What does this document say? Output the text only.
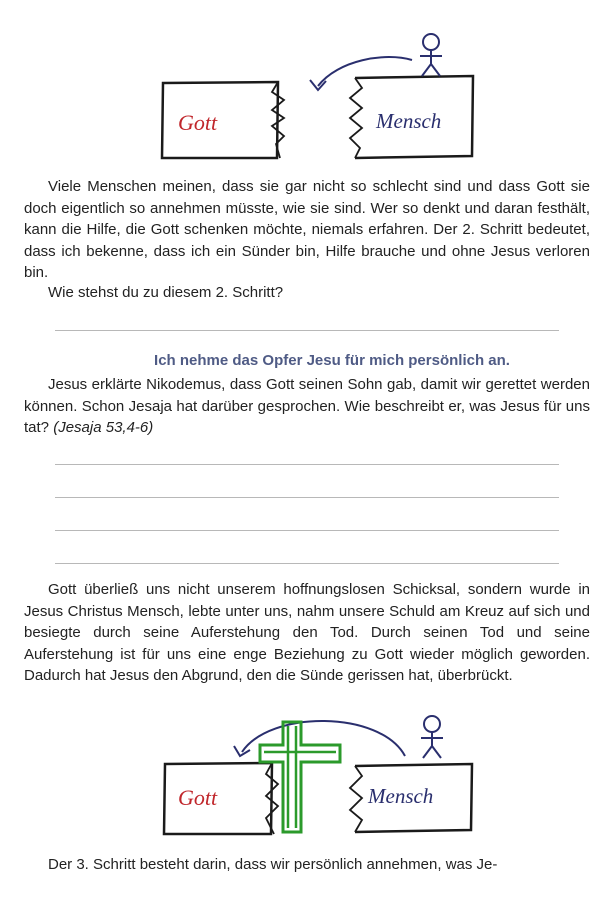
Gott	Mensch

Viele Menschen meinen, dass sie gar nicht so schlecht sind und dass Gott sie doch eigentlich so annehmen müsste, wie sie sind. Wer so denkt und daran festhält, kann die Hilfe, die Gott schenken möchte, niemals erfahren. Der 2. Schritt bedeutet, dass ich bekenne, dass ich ein Sünder bin, Hilfe brauche und ohne Jesus verloren bin.

Wie stehst du zu diesem 2. Schritt?

Ich nehme das Opfer Jesu für mich persönlich an.

Jesus erklärte Nikodemus, dass Gott seinen Sohn gab, damit wir gerettet werden können. Schon Jesaja hat darüber gesprochen. Wie beschreibt er, was Jesus für uns tat? (Jesaja 53,4-6)

Gott überließ uns nicht unserem hoffnungslosen Schicksal, sondern wurde in Jesus Christus Mensch, lebte unter uns, nahm unsere Schuld am Kreuz auf sich und besiegte durch seine Auferstehung den Tod. Durch seinen Tod und seine Auferstehung ist für uns eine enge Beziehung zu Gott wieder möglich geworden. Dadurch hat Jesus den Abgrund, den die Sünde gerissen hat, überbrückt.

Gott	Mensch

Der 3. Schritt besteht darin, dass wir persönlich annehmen, was Je-
